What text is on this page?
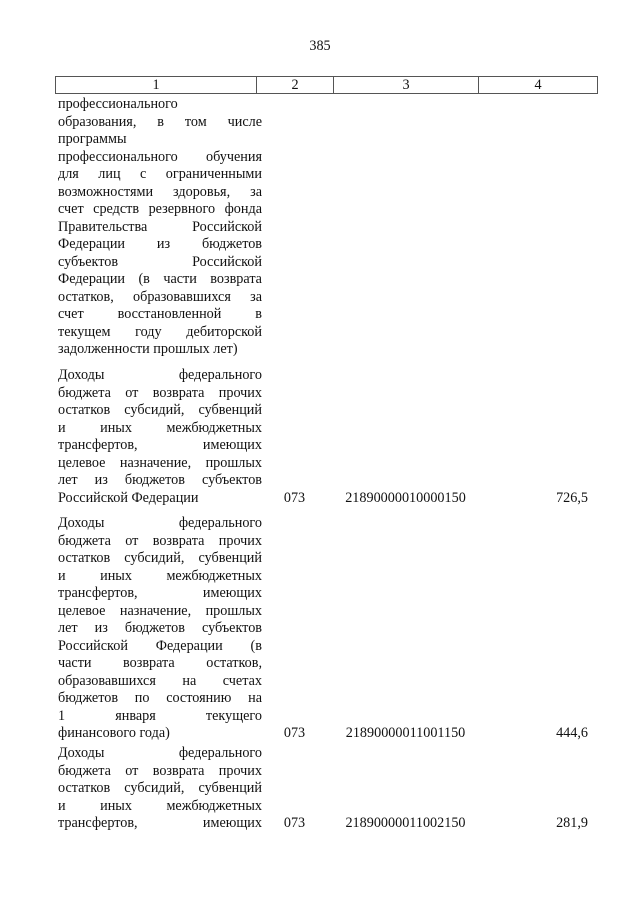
385
1	2	3	4
профессионального
образования, в том числе
программы
профессионального обучения
для лиц с ограниченными
возможностями здоровья, за
счет средств резервного фонда
Правительства Российской
Федерации из бюджетов
субъектов Российской
Федерации (в части возврата
остатков, образовавшихся за
счет восстановленной в
текущем году дебиторской
задолженности прошлых лет)
Доходы федерального
бюджета от возврата прочих
остатков субсидий, субвенций
и иных межбюджетных
трансфертов, имеющих
целевое назначение, прошлых
лет из бюджетов субъектов
Российской Федерации	073	21890000010000150	726,5
Доходы федерального
бюджета от возврата прочих
остатков субсидий, субвенций
и иных межбюджетных
трансфертов, имеющих
целевое назначение, прошлых
лет из бюджетов субъектов
Российской Федерации (в
части возврата остатков,
образовавшихся на счетах
бюджетов по состоянию на
1 января текущего
финансового года)	073	21890000011001150	444,6
Доходы федерального
бюджета от возврата прочих
остатков субсидий, субвенций
и иных межбюджетных
трансфертов, имеющих	073	21890000011002150	281,9
